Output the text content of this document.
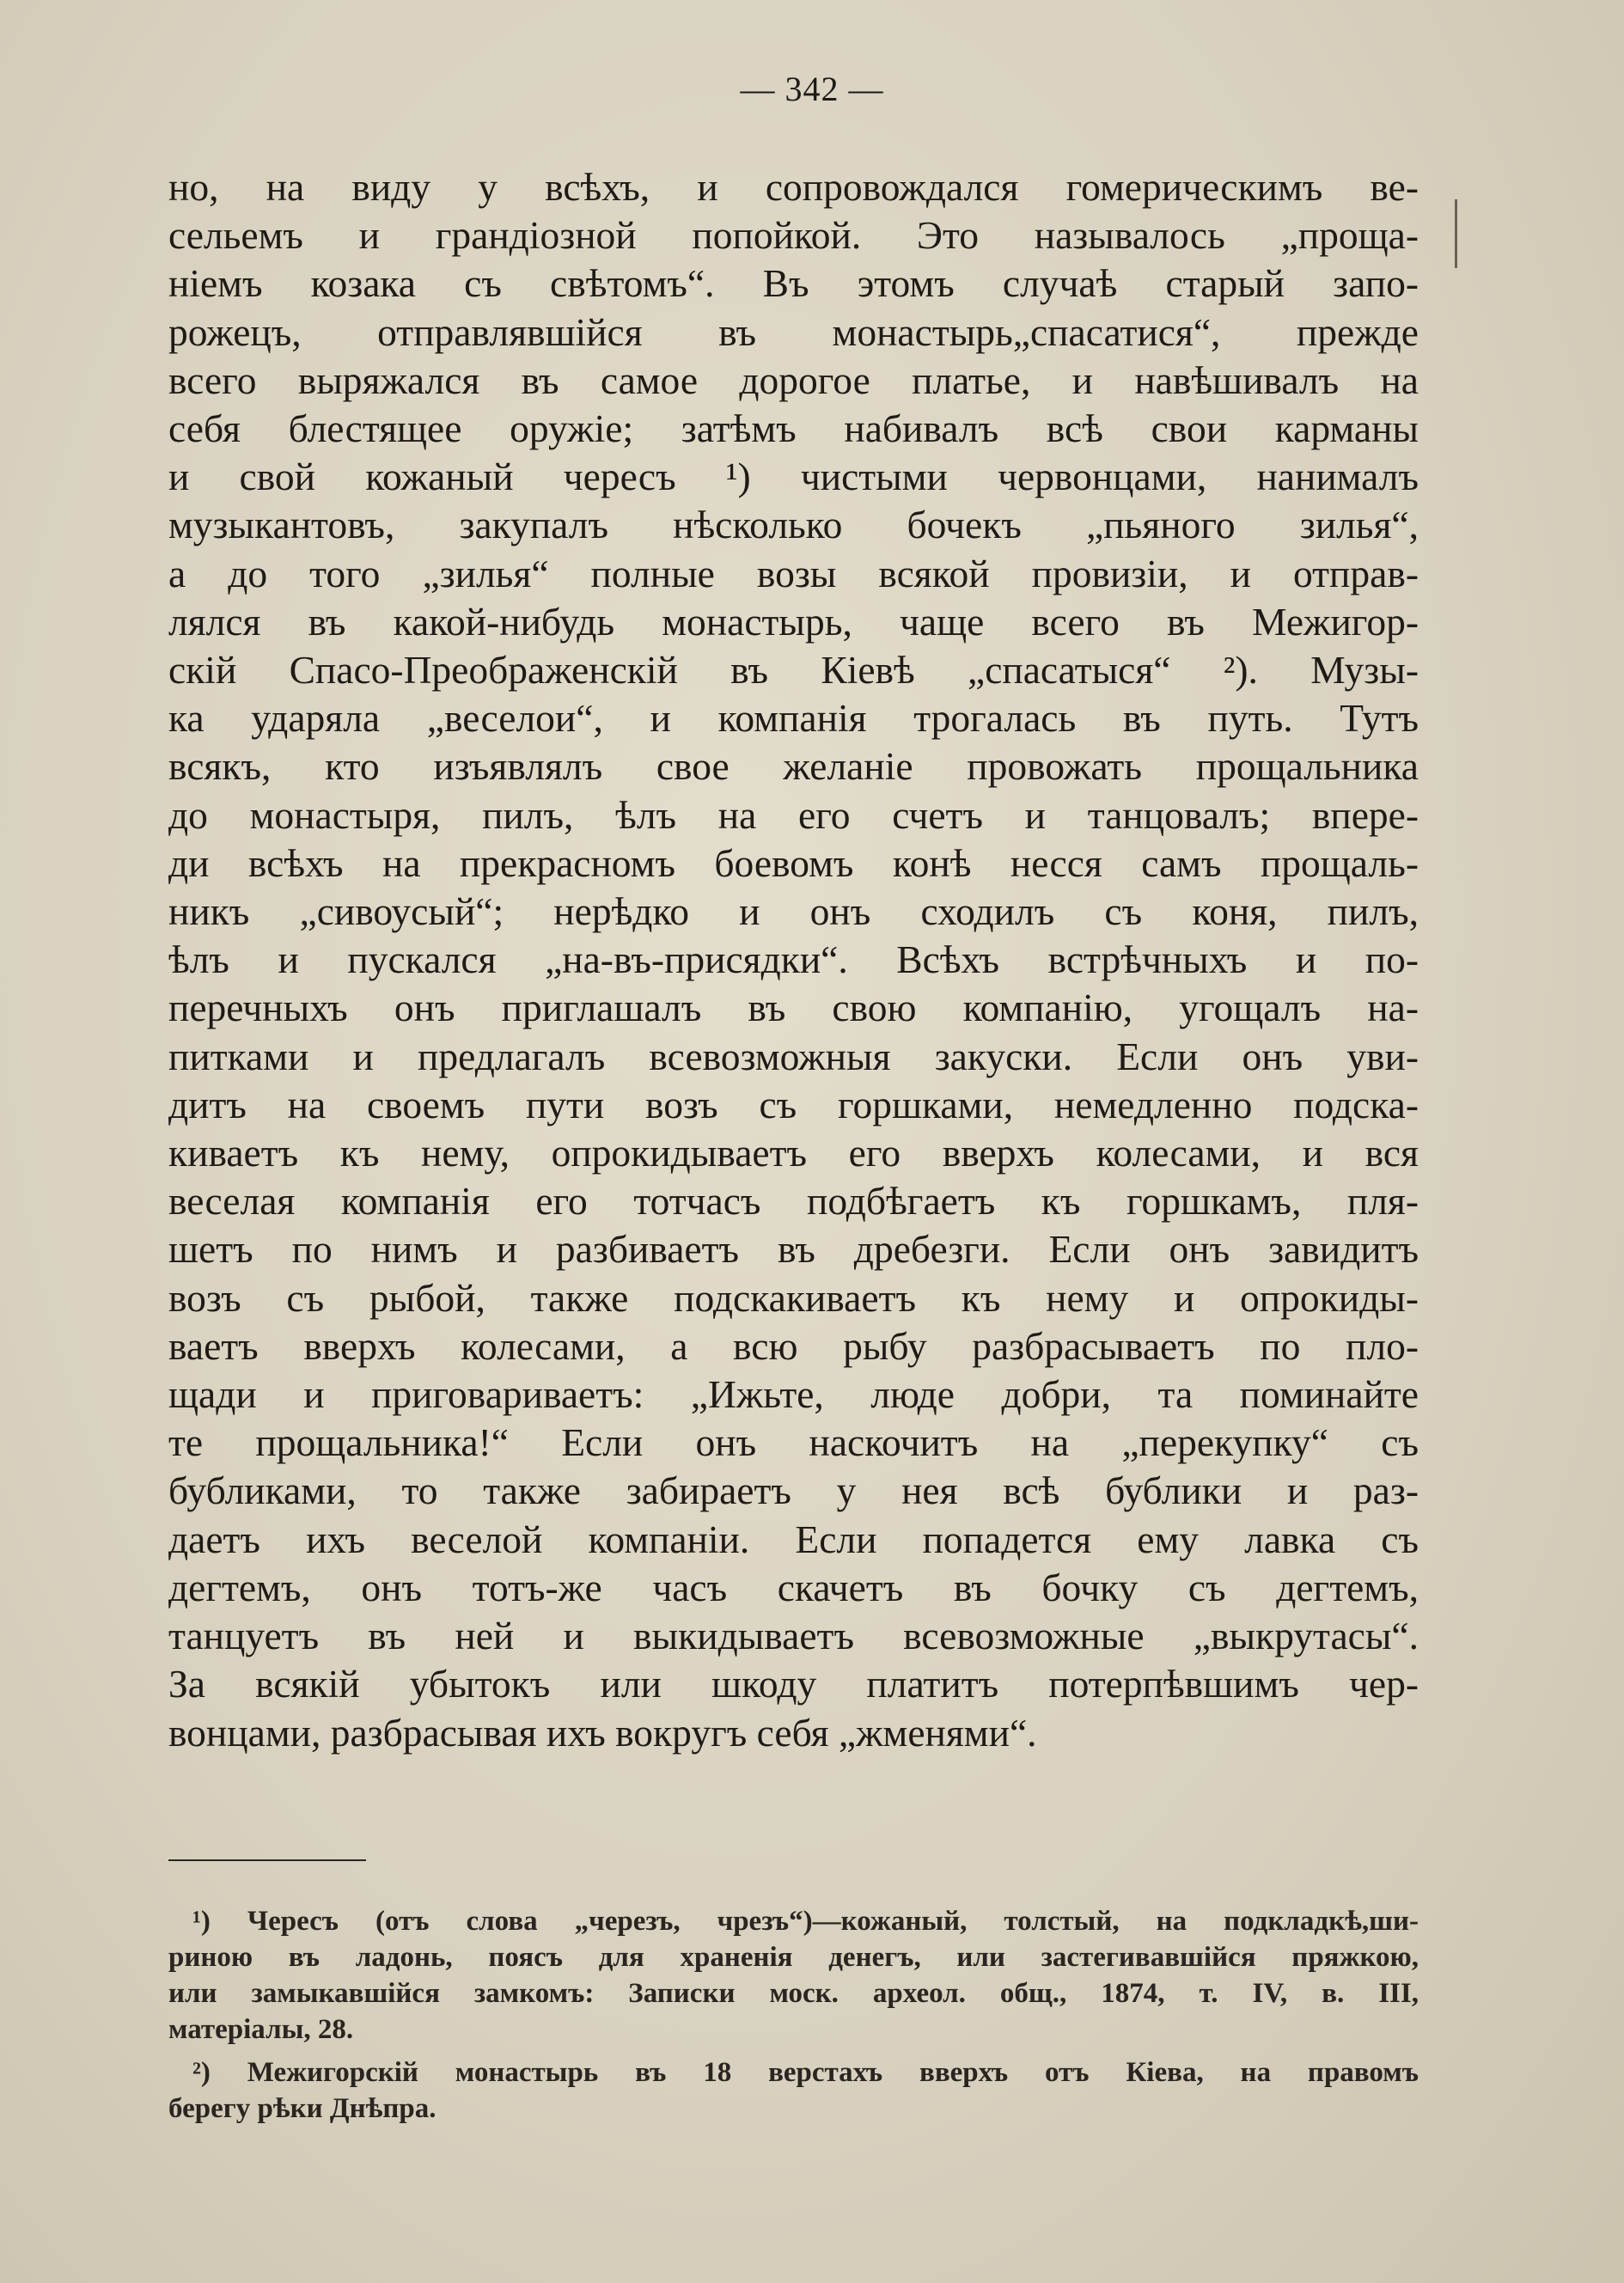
— 342 —
но, на виду у всѣхъ, и сопровождался гомерическимъ ве-
сельемъ и грандіозной попойкой. Это называлось „проща-
ніемъ козака съ свѣтомъ“. Въ этомъ случаѣ старый запо-
рожецъ, отправлявшійся въ монастырь„спасатися“, прежде
всего выряжался въ самое дорогое платье, и навѣшивалъ на
себя блестящее оружіе; затѣмъ набивалъ всѣ свои карманы
и свой кожаный чересъ ¹) чистыми червонцами, нанималъ
музыкантовъ, закупалъ нѣсколько бочекъ „пьяного зилья“,
а до того „зилья“ полные возы всякой провизіи, и отправ-
лялся въ какой-нибудь монастырь, чаще всего въ Межигор-
скій Спасо-Преображенскій въ Кіевѣ „спасатыся“ ²). Музы-
ка ударяла „веселои“, и компанія трогалась въ путь. Тутъ
всякъ, кто изъявлялъ свое желаніе провожать прощальника
до монастыря, пилъ, ѣлъ на его счетъ и танцовалъ; впере-
ди всѣхъ на прекрасномъ боевомъ конѣ несся самъ прощаль-
никъ „сивоусый“; нерѣдко и онъ сходилъ съ коня, пилъ,
ѣлъ и пускался „на-въ-присядки“. Всѣхъ встрѣчныхъ и по-
перечныхъ онъ приглашалъ въ свою компанію, угощалъ на-
питками и предлагалъ всевозможныя закуски. Если онъ уви-
дитъ на своемъ пути возъ съ горшками, немедленно подска-
киваетъ къ нему, опрокидываетъ его вверхъ колесами, и вся
веселая компанія его тотчасъ подбѣгаетъ къ горшкамъ, пля-
шетъ по нимъ и разбиваетъ въ дребезги. Если онъ завидитъ
возъ съ рыбой, также подскакиваетъ къ нему и опрокиды-
ваетъ вверхъ колесами, а всю рыбу разбрасываетъ по пло-
щади и приговариваетъ: „Ижьте, люде добри, та поминайте
те прощальника!“ Если онъ наскочитъ на „перекупку“ съ
бубликами, то также забираетъ у нея всѣ бублики и раз-
даетъ ихъ веселой компаніи. Если попадется ему лавка съ
дегтемъ, онъ тотъ-же часъ скачетъ въ бочку съ дегтемъ,
танцуетъ въ ней и выкидываетъ всевозможные „выкрутасы“.
За всякій убытокъ или шкоду платитъ потерпѣвшимъ чер-
вонцами, разбрасывая ихъ вокругъ себя „жменями“.
¹) Чересъ (отъ слова „черезъ, чрезъ“)—кожаный, толстый, на подкладкѣ,ши-
риною въ ладонь, поясъ для храненія денегъ, или застегивавшійся пряжкою,
или замыкавшійся замкомъ: Записки моск. археол. общ., 1874, т. IV, в. III,
матеріалы, 28.
²) Межигорскій монастырь въ 18 верстахъ вверхъ отъ Кіева, на правомъ
берегу рѣки Днѣпра.
